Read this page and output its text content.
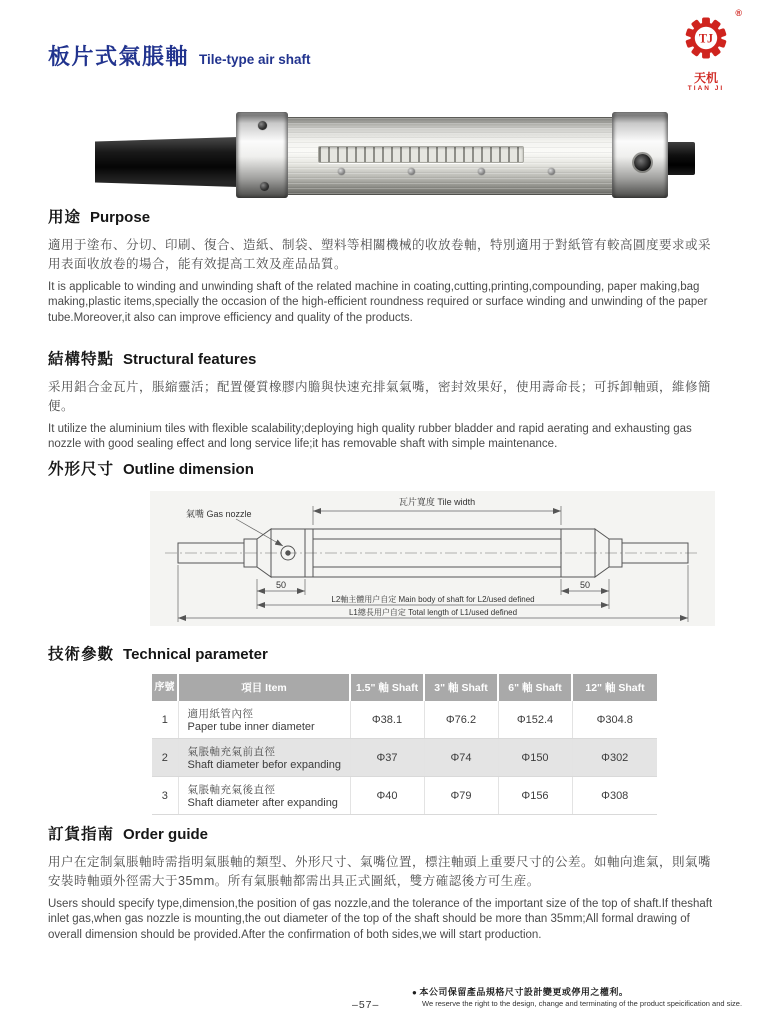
板片式氣脹軸 Tile-type air shaft
®
TJ
天机
TIAN JI
用途 Purpose

適用于塗布、分切、印刷、復合、造紙、制袋、塑料等相關機械的收放卷軸，特別適用于對紙管有較高圓度要求或采用表面收放卷的場合，能有效提高工效及産品品質。

It is applicable to winding and unwinding shaft of the related machine in coating,cutting,printing,compounding, paper making,bag making,plastic items,specially the occasion of the high-efficient roundness required or surface winding and unwinding of the paper tube.Moreover,it also can improve efficiency and quality of the products.

結構特點 Structural features

采用鋁合金瓦片，脹縮靈活；配置優質橡膠内膽與快速充排氣氣嘴，密封效果好，使用壽命長；可拆卸軸頭，維修簡便。

It utilize the aluminium tiles with flexible scalability;deploying high quality rubber bladder and rapid aerating and exhausting gas nozzle with good sealing effect and long service life;it has removable shaft with simple maintenance.

外形尺寸 Outline dimension
瓦片寬度 Tile width
氣嘴 Gas nozzle
50	50
L2軸主體用户自定 Main body of shaft for L2/used defined
L1總長用户自定 Total length of L1/used defined
技術參數 Technical parameter
序號	項目 Item	1.5" 軸 Shaft	3" 軸 Shaft	6" 軸 Shaft	12" 軸 Shaft
1	適用紙管內徑
Paper tube inner diameter	Φ38.1	Φ76.2	Φ152.4	Φ304.8
2	氣脹軸充氣前直徑
Shaft diameter befor expanding	Φ37	Φ74	Φ150	Φ302
3	氣脹軸充氣後直徑
Shaft diameter after expanding	Φ40	Φ79	Φ156	Φ308
訂貨指南 Order guide

用户在定制氣脹軸時需指明氣脹軸的類型、外形尺寸、氣嘴位置，標注軸頭上重要尺寸的公差。如軸向進氣，則氣嘴安裝時軸頭外徑需大于35mm。所有氣脹軸都需出具正式圖紙，雙方確認後方可生産。

Users should specify type,dimension,the position of gas nozzle,and the tolerance of the important size of the top of shaft.If theshaft inlet gas,when gas nozzle is mounting,the out diameter of the top of the shaft should be more than 35mm;All formal drawing of overall dimension should be provided.After the confirmation of both sides,we will start production.

–57–
● 本公司保留產品規格尺寸設計變更或停用之權利。
We reserve the right to the design, change and terminating of the product speicification and size.
